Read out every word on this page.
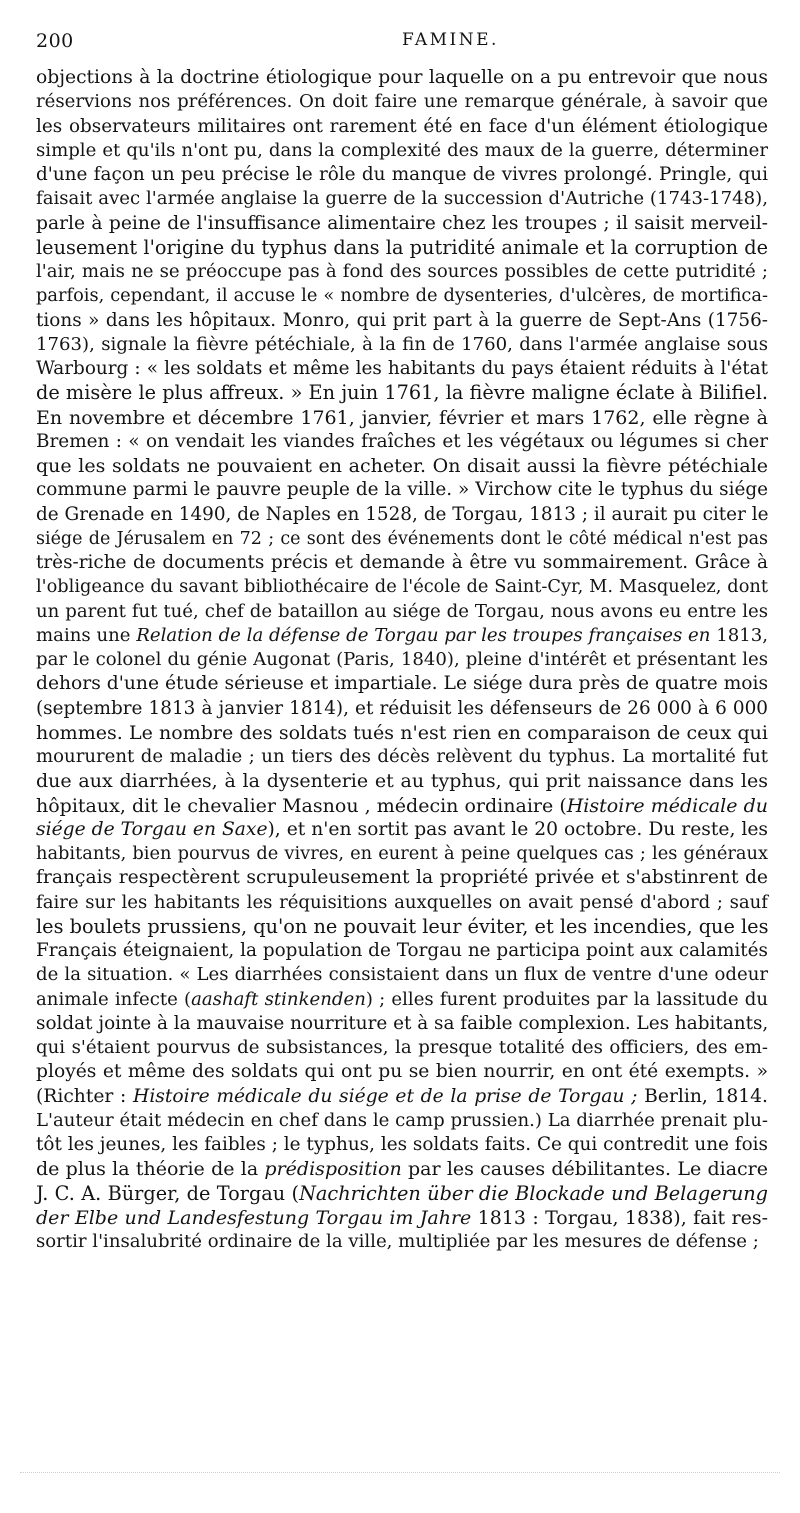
200	FAMINE.
objections à la doctrine étiologique pour laquelle on a pu entrevoir que nous
réservions nos préférences. On doit faire une remarque générale, à savoir que
les observateurs militaires ont rarement été en face d'un élément étiologique
simple et qu'ils n'ont pu, dans la complexité des maux de la guerre, déterminer
d'une façon un peu précise le rôle du manque de vivres prolongé. Pringle, qui
faisait avec l'armée anglaise la guerre de la succession d'Autriche (1743-1748),
parle à peine de l'insuffisance alimentaire chez les troupes ; il saisit merveil-
leusement l'origine du typhus dans la putridité animale et la corruption de
l'air, mais ne se préoccupe pas à fond des sources possibles de cette putridité ;
parfois, cependant, il accuse le « nombre de dysenteries, d'ulcères, de mortifica-
tions » dans les hôpitaux. Monro, qui prit part à la guerre de Sept-Ans (1756-
1763), signale la fièvre pétéchiale, à la fin de 1760, dans l'armée anglaise sous
Warbourg : « les soldats et même les habitants du pays étaient réduits à l'état
de misère le plus affreux. » En juin 1761, la fièvre maligne éclate à Bilifiel.
En novembre et décembre 1761, janvier, février et mars 1762, elle règne à
Bremen : « on vendait les viandes fraîches et les végétaux ou légumes si cher
que les soldats ne pouvaient en acheter. On disait aussi la fièvre pétéchiale
commune parmi le pauvre peuple de la ville. » Virchow cite le typhus du siége
de Grenade en 1490, de Naples en 1528, de Torgau, 1813 ; il aurait pu citer le
siége de Jérusalem en 72 ; ce sont des événements dont le côté médical n'est pas
très-riche de documents précis et demande à être vu sommairement. Grâce à
l'obligeance du savant bibliothécaire de l'école de Saint-Cyr, M. Masquelez, dont
un parent fut tué, chef de bataillon au siége de Torgau, nous avons eu entre les
mains une Relation de la défense de Torgau par les troupes françaises en 1813,
par le colonel du génie Augonat (Paris, 1840), pleine d'intérêt et présentant les
dehors d'une étude sérieuse et impartiale. Le siége dura près de quatre mois
(septembre 1813 à janvier 1814), et réduisit les défenseurs de 26 000 à 6 000
hommes. Le nombre des soldats tués n'est rien en comparaison de ceux qui
moururent de maladie ; un tiers des décès relèvent du typhus. La mortalité fut
due aux diarrhées, à la dysenterie et au typhus, qui prit naissance dans les
hôpitaux, dit le chevalier Masnou , médecin ordinaire (Histoire médicale du
siége de Torgau en Saxe), et n'en sortit pas avant le 20 octobre. Du reste, les
habitants, bien pourvus de vivres, en eurent à peine quelques cas ; les généraux
français respectèrent scrupuleusement la propriété privée et s'abstinrent de
faire sur les habitants les réquisitions auxquelles on avait pensé d'abord ; sauf
les boulets prussiens, qu'on ne pouvait leur éviter, et les incendies, que les
Français éteignaient, la population de Torgau ne participa point aux calamités
de la situation. « Les diarrhées consistaient dans un flux de ventre d'une odeur
animale infecte (aashaft stinkenden) ; elles furent produites par la lassitude du
soldat jointe à la mauvaise nourriture et à sa faible complexion. Les habitants,
qui s'étaient pourvus de subsistances, la presque totalité des officiers, des em-
ployés et même des soldats qui ont pu se bien nourrir, en ont été exempts. »
(Richter : Histoire médicale du siége et de la prise de Torgau ; Berlin, 1814.
L'auteur était médecin en chef dans le camp prussien.) La diarrhée prenait plu-
tôt les jeunes, les faibles ; le typhus, les soldats faits. Ce qui contredit une fois
de plus la théorie de la prédisposition par les causes débilitantes. Le diacre
J. C. A. Bürger, de Torgau (Nachrichten über die Blockade und Belagerung
der Elbe und Landesfestung Torgau im Jahre 1813 : Torgau, 1838), fait res-
sortir l'insalubrité ordinaire de la ville, multipliée par les mesures de défense ;
